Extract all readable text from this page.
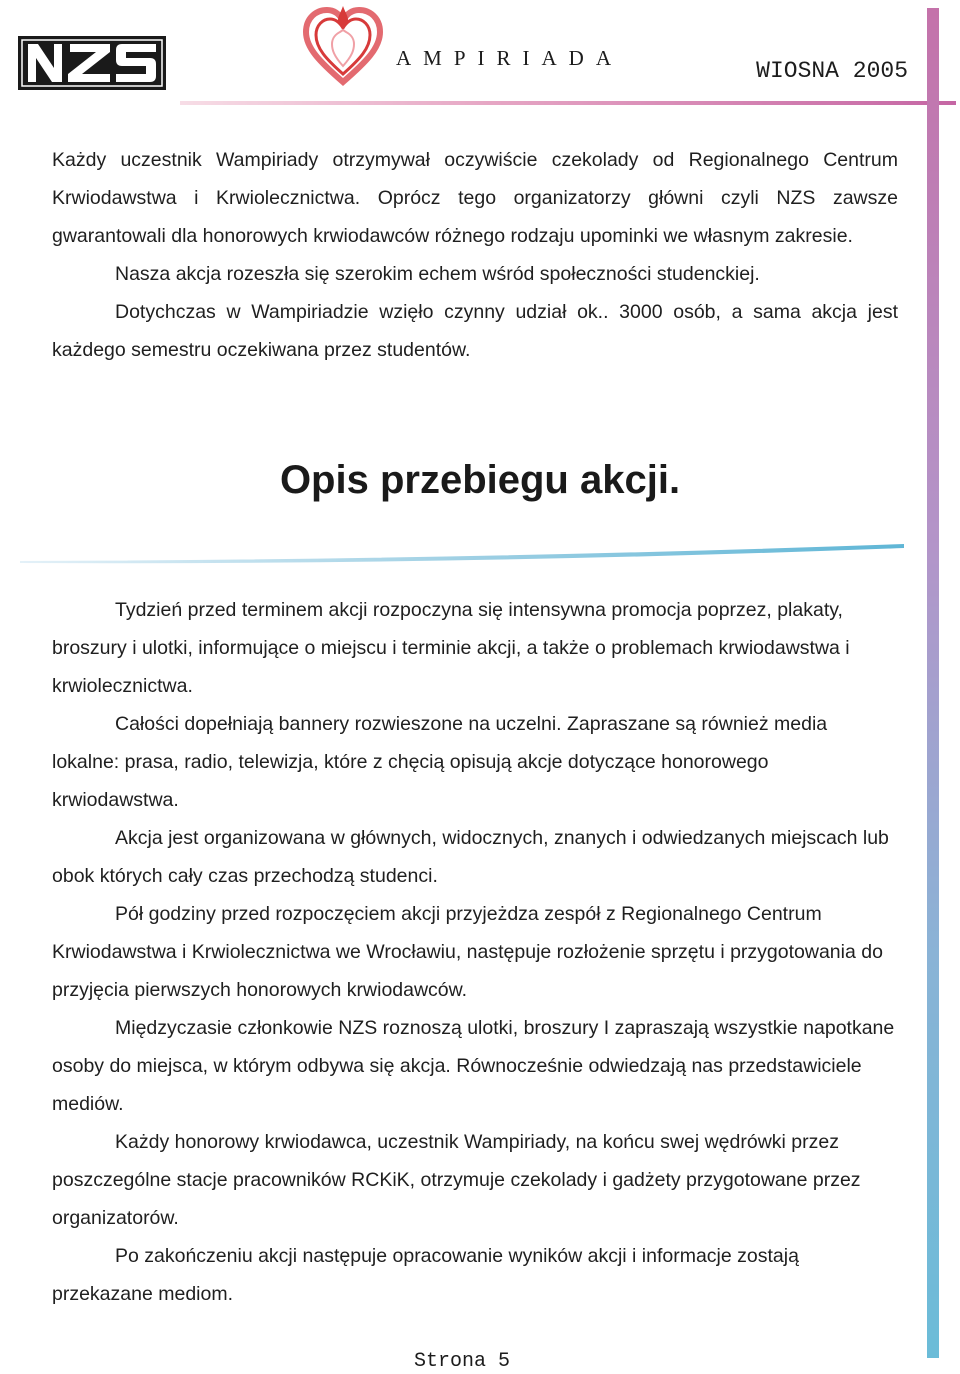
AMPIRIADA	WIOSNA 2005

Każdy uczestnik Wampiriady otrzymywał oczywiście czekolady od Regionalnego Centrum Krwiodawstwa i Krwiolecznictwa. Oprócz tego organizatorzy główni czyli NZS zawsze gwarantowali dla honorowych krwiodawców różnego rodzaju upominki we własnym zakresie.

Nasza akcja rozeszła się szerokim echem wśród społeczności studenckiej.

Dotychczas w Wampiriadzie wzięło czynny udział ok.. 3000 osób, a sama akcja jest każdego semestru oczekiwana przez studentów.

Opis przebiegu akcji.

Tydzień przed terminem akcji rozpoczyna się intensywna promocja poprzez, plakaty, broszury i ulotki, informujące o miejscu i terminie akcji, a także o problemach krwiodawstwa i krwiolecznictwa.

Całości dopełniają bannery rozwieszone na uczelni. Zapraszane są również media lokalne: prasa, radio, telewizja, które z chęcią opisują akcje dotyczące honorowego krwiodawstwa.

Akcja jest organizowana w głównych, widocznych, znanych i odwiedzanych miejscach lub obok których cały czas przechodzą studenci.

Pół godziny przed rozpoczęciem akcji przyjeżdza zespół z Regionalnego Centrum Krwiodawstwa i Krwiolecznictwa we Wrocławiu, następuje rozłożenie sprzętu i przygotowania do przyjęcia pierwszych honorowych krwiodawców.

Międzyczasie członkowie NZS roznoszą ulotki, broszury I zapraszają wszystkie napotkane osoby do miejsca, w którym odbywa się akcja. Równocześnie odwiedzają nas przedstawiciele mediów.

Każdy honorowy krwiodawca, uczestnik Wampiriady, na końcu swej wędrówki przez poszczególne stacje pracowników RCKiK, otrzymuje czekolady i gadżety przygotowane przez organizatorów.

Po zakończeniu akcji następuje opracowanie wyników akcji i informacje zostają przekazane mediom.

Strona 5
